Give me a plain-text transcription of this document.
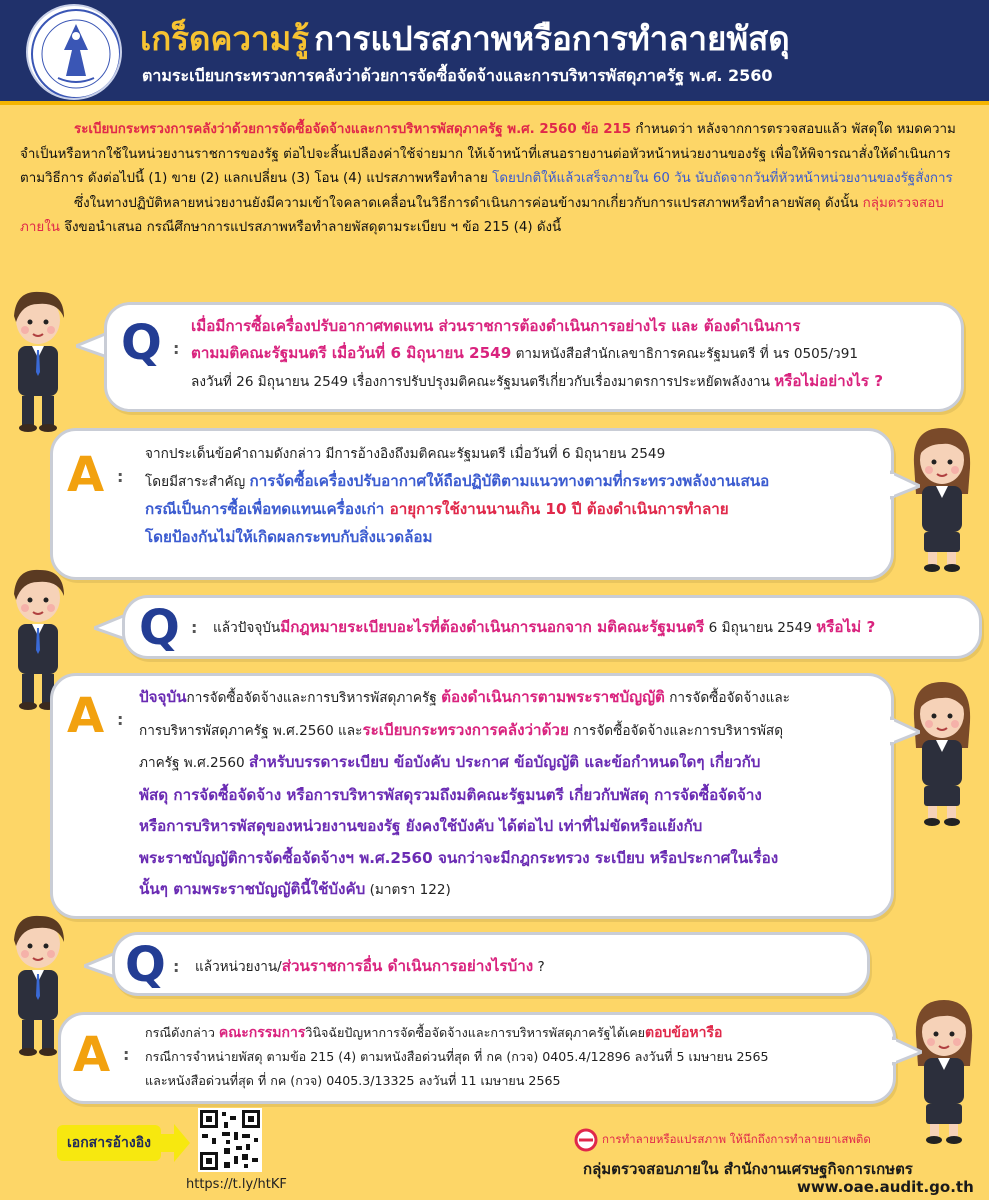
เกร็ดความรู้ การแปรสภาพหรือการทำลายพัสดุ
ตามระเบียบกระทรวงการคลังว่าด้วยการจัดซื้อจัดจ้างและการบริหารพัสดุภาครัฐ พ.ศ. 2560

ระเบียบกระทรวงการคลังว่าด้วยการจัดซื้อจัดจ้างและการบริหารพัสดุภาครัฐ พ.ศ. 2560 ข้อ 215 กำหนดว่า หลังจากการตรวจสอบแล้ว พัสดุใด หมดความจำเป็นหรือหากใช้ในหน่วยงานราชการของรัฐ ต่อไปจะสิ้นเปลืองค่าใช้จ่ายมาก ให้เจ้าหน้าที่เสนอรายงานต่อหัวหน้าหน่วยงานของรัฐ เพื่อให้พิจารณาสั่งให้ดำเนินการตามวิธีการ ดังต่อไปนี้ (1) ขาย (2) แลกเปลี่ยน (3) โอน (4) แปรสภาพหรือทำลาย โดยปกติให้แล้วเสร็จภายใน 60 วัน นับถัดจากวันที่หัวหน้าหน่วยงานของรัฐสั่งการ

ซึ่งในทางปฏิบัติหลายหน่วยงานยังมีความเข้าใจคลาดเคลื่อนในวิธีการดำเนินการค่อนข้างมากเกี่ยวกับการแปรสภาพหรือทำลายพัสดุ ดังนั้น กลุ่มตรวจสอบภายใน จึงขอนำเสนอ กรณีศึกษาการแปรสภาพหรือทำลายพัสดุตามระเบียบ ฯ ข้อ 215 (4) ดังนี้

Q :
เมื่อมีการซื้อเครื่องปรับอากาศทดแทน ส่วนราชการต้องดำเนินการอย่างไร และ ต้องดำเนินการ
ตามมติคณะรัฐมนตรี เมื่อวันที่ 6 มิถุนายน 2549 ตามหนังสือสำนักเลขาธิการคณะรัฐมนตรี ที่ นร 0505/ว91
ลงวันที่ 26 มิถุนายน 2549 เรื่องการปรับปรุงมติคณะรัฐมนตรีเกี่ยวกับเรื่องมาตรการประหยัดพลังงาน หรือไม่อย่างไร ?
A :
จากประเด็นข้อคำถามดังกล่าว มีการอ้างอิงถึงมติคณะรัฐมนตรี เมื่อวันที่ 6 มิถุนายน 2549
โดยมีสาระสำคัญ การจัดซื้อเครื่องปรับอากาศให้ถือปฏิบัติตามแนวทางตามที่กระทรวงพลังงานเสนอ
กรณีเป็นการซื้อเพื่อทดแทนเครื่องเก่า อายุการใช้งานนานเกิน 10 ปี ต้องดำเนินการทำลาย
โดยป้องกันไม่ให้เกิดผลกระทบกับสิ่งแวดล้อม
Q : แล้วปัจจุบันมีกฎหมายระเบียบอะไรที่ต้องดำเนินการนอกจาก มติคณะรัฐมนตรี 6 มิถุนายน 2549 หรือไม่ ?
A :
ปัจจุบันการจัดซื้อจัดจ้างและการบริหารพัสดุภาครัฐ ต้องดำเนินการตามพระราชบัญญัติ การจัดซื้อจัดจ้างและ
การบริหารพัสดุภาครัฐ พ.ศ.2560 และระเบียบกระทรวงการคลังว่าด้วย การจัดซื้อจัดจ้างและการบริหารพัสดุ
ภาครัฐ พ.ศ.2560 สำหรับบรรดาระเบียบ ข้อบังคับ ประกาศ ข้อบัญญัติ และข้อกำหนดใดๆ เกี่ยวกับ
พัสดุ การจัดซื้อจัดจ้าง หรือการบริหารพัสดุรวมถึงมติคณะรัฐมนตรี เกี่ยวกับพัสดุ การจัดซื้อจัดจ้าง
หรือการบริหารพัสดุของหน่วยงานของรัฐ ยังคงใช้บังคับ ได้ต่อไป เท่าที่ไม่ขัดหรือแย้งกับ
พระราชบัญญัติการจัดซื้อจัดจ้างฯ พ.ศ.2560 จนกว่าจะมีกฎกระทรวง ระเบียบ หรือประกาศในเรื่อง
นั้นๆ ตามพระราชบัญญัตินี้ใช้บังคับ (มาตรา 122)
Q : แล้วหน่วยงาน/ส่วนราชการอื่น ดำเนินการอย่างไรบ้าง ?
A :
กรณีดังกล่าว คณะกรรมการวินิจฉัยปัญหาการจัดซื้อจัดจ้างและการบริหารพัสดุภาครัฐได้เคยตอบข้อหารือ
กรณีการจำหน่ายพัสดุ ตามข้อ 215 (4) ตามหนังสือด่วนที่สุด ที่ กค (กวจ) 0405.4/12896 ลงวันที่ 5 เมษายน 2565
และหนังสือด่วนที่สุด ที่ กค (กวจ) 0405.3/13325 ลงวันที่ 11 เมษายน 2565
เอกสารอ้างอิง
https://t.ly/htKF
การทำลายหรือแปรสภาพ ให้นึกถึงการทำลายยาเสพติด
กลุ่มตรวจสอบภายใน สำนักงานเศรษฐกิจการเกษตร
www.oae.audit.go.th
